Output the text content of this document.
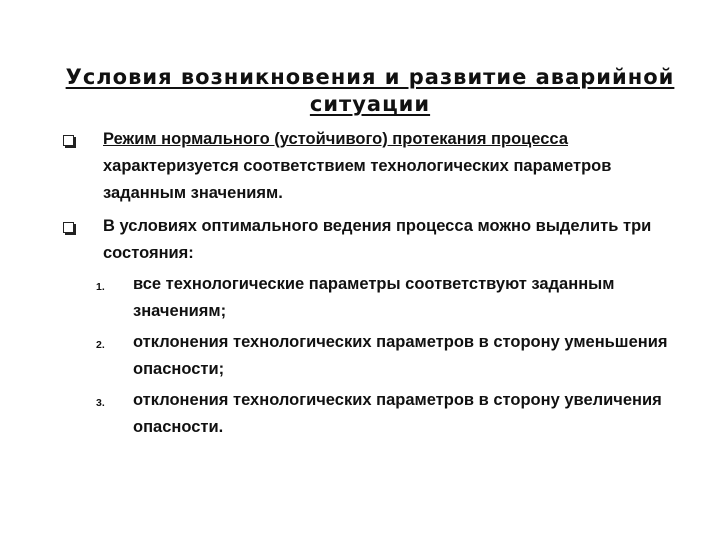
Условия возникновения и развитие аварийной ситуации
Режим нормального (устойчивого) протекания процесса характеризуется соответствием технологических параметров заданным значениям.
В условиях оптимального ведения процесса можно выделить три состояния:
1. все технологические параметры соответствуют заданным значениям;
2. отклонения технологических параметров в сторону уменьшения опасности;
3. отклонения технологических параметров в сторону увеличения опасности.
